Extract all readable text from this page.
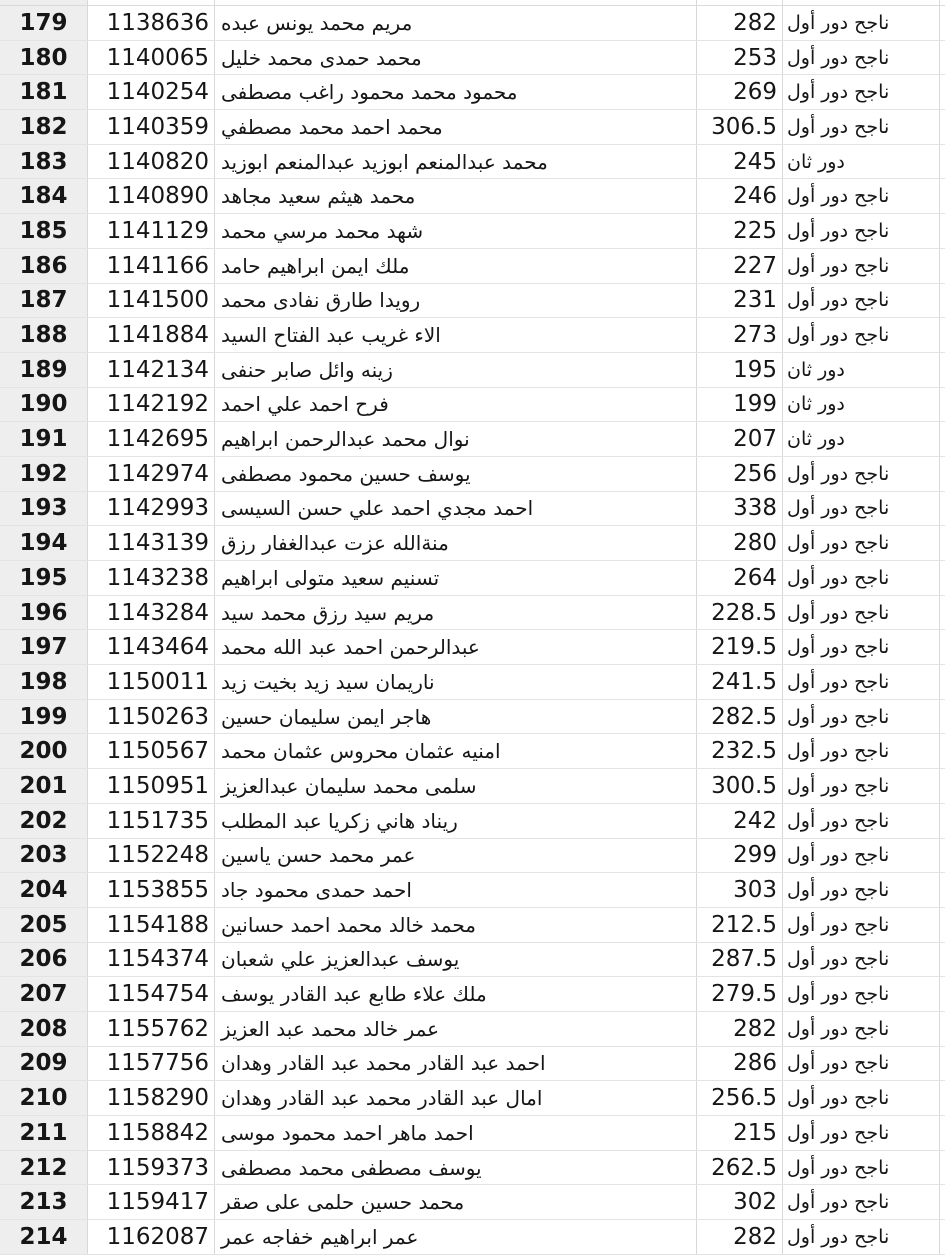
179	1138636 مريم محمد يونس عبده	282 ناجح دور أول
180	1140065 محمد حمدى محمد خليل	253 ناجح دور أول
181	1140254 محمود محمد محمود راغب مصطفى	269 ناجح دور أول
182	1140359 محمد احمد محمد مصطفي	306.5 ناجح دور أول
183	1140820 محمد عبدالمنعم ابوزيد عبدالمنعم ابوزيد	245 دور ثان
184	1140890 محمد هيثم سعيد مجاهد	246 ناجح دور أول
185	1141129 شهد محمد مرسي محمد	225 ناجح دور أول
186	1141166 ملك ايمن ابراهيم حامد	227 ناجح دور أول
187	1141500 رويدا طارق نفادى محمد	231 ناجح دور أول
188	1141884 الاء غريب عبد الفتاح السيد	273 ناجح دور أول
189	1142134 زينه وائل صابر حنفى	195 دور ثان
190	1142192 فرح احمد علي احمد	199 دور ثان
191	1142695 نوال محمد عبدالرحمن ابراهيم	207 دور ثان
192	1142974 يوسف حسين محمود مصطفى	256 ناجح دور أول
193	1142993 احمد مجدي احمد علي حسن السيسى	338 ناجح دور أول
194	1143139 منةالله عزت عبدالغفار رزق	280 ناجح دور أول
195	1143238 تسنيم سعيد متولى ابراهيم	264 ناجح دور أول
196	1143284 مريم سيد رزق محمد سيد	228.5 ناجح دور أول
197	1143464 عبدالرحمن احمد عبد الله محمد	219.5 ناجح دور أول
198	1150011 ناريمان سيد زيد بخيت زيد	241.5 ناجح دور أول
199	1150263 هاجر ايمن سليمان حسين	282.5 ناجح دور أول
200	1150567 امنيه عثمان محروس عثمان محمد	232.5 ناجح دور أول
201	1150951 سلمى محمد سليمان عبدالعزيز	300.5 ناجح دور أول
202	1151735 ريناد هاني زكريا عبد المطلب	242 ناجح دور أول
203	1152248 عمر محمد حسن ياسين	299 ناجح دور أول
204	1153855 احمد حمدى محمود جاد	303 ناجح دور أول
205	1154188 محمد خالد محمد احمد حسانين	212.5 ناجح دور أول
206	1154374 يوسف عبدالعزيز علي شعبان	287.5 ناجح دور أول
207	1154754 ملك علاء طابع عبد القادر يوسف	279.5 ناجح دور أول
208	1155762 عمر خالد محمد عبد العزيز	282 ناجح دور أول
209	1157756 احمد عبد القادر محمد عبد القادر وهدان	286 ناجح دور أول
210	1158290 امال عبد القادر محمد عبد القادر وهدان	256.5 ناجح دور أول
211	1158842 احمد ماهر احمد محمود موسى	215 ناجح دور أول
212	1159373 يوسف مصطفى محمد مصطفى	262.5 ناجح دور أول
213	1159417 محمد حسين حلمى على صقر	302 ناجح دور أول
214	1162087 عمر ابراهيم خفاجه عمر	282 ناجح دور أول
